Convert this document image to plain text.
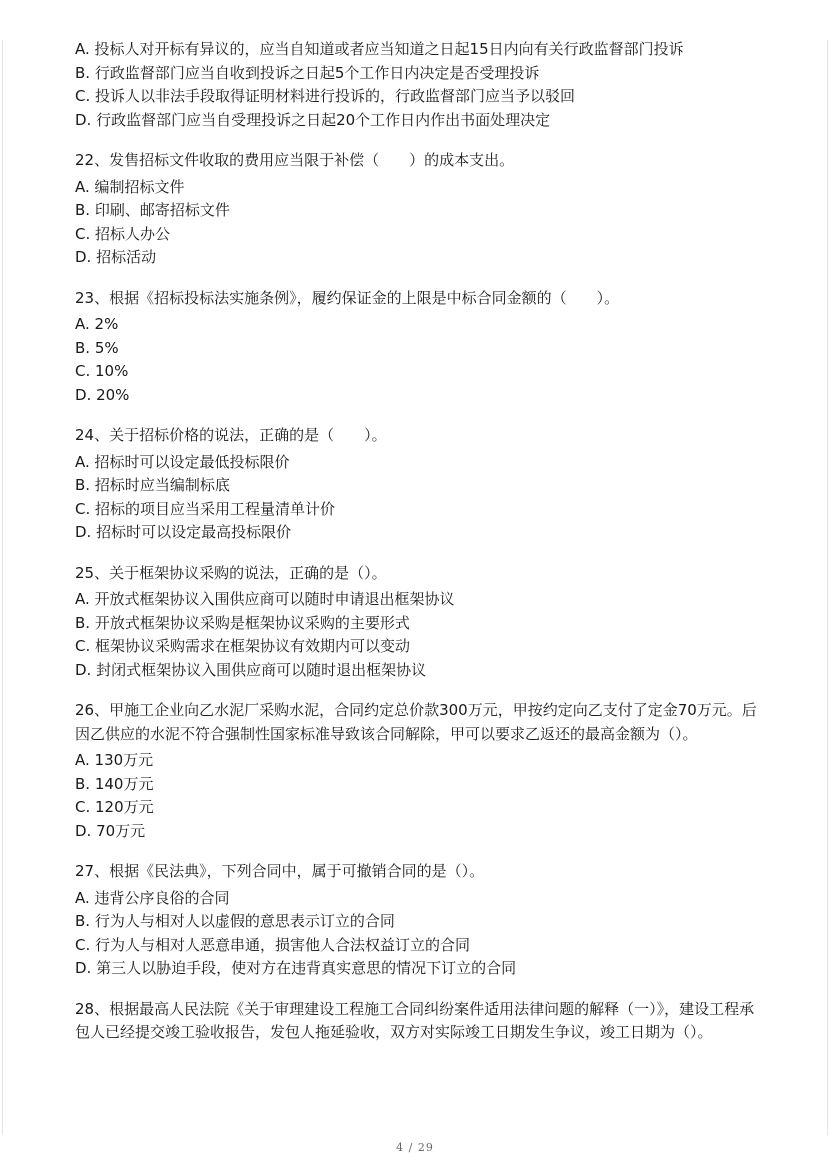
A. 投标人对开标有异议的，应当自知道或者应当知道之日起15日内向有关行政监督部门投诉

B. 行政监督部门应当自收到投诉之日起5个工作日内决定是否受理投诉

C. 投诉人以非法手段取得证明材料进行投诉的，行政监督部门应当予以驳回

D. 行政监督部门应当自受理投诉之日起20个工作日内作出书面处理决定

22、发售招标文件收取的费用应当限于补偿（　　）的成本支出。

A. 编制招标文件

B. 印刷、邮寄招标文件

C. 招标人办公

D. 招标活动

23、根据《招标投标法实施条例》，履约保证金的上限是中标合同金额的（　　）。

A. 2%

B. 5%

C. 10%

D. 20%

24、关于招标价格的说法，正确的是（　　）。

A. 招标时可以设定最低投标限价

B. 招标时应当编制标底

C. 招标的项目应当采用工程量清单计价

D. 招标时可以设定最高投标限价

25、关于框架协议采购的说法，正确的是（）。

A. 开放式框架协议入围供应商可以随时申请退出框架协议

B. 开放式框架协议采购是框架协议采购的主要形式

C. 框架协议采购需求在框架协议有效期内可以变动

D. 封闭式框架协议入围供应商可以随时退出框架协议

26、甲施工企业向乙水泥厂采购水泥，合同约定总价款300万元，甲按约定向乙支付了定金70万元。后因乙供应的水泥不符合强制性国家标准导致该合同解除，甲可以要求乙返还的最高金额为（）。

A. 130万元

B. 140万元

C. 120万元

D. 70万元

27、根据《民法典》，下列合同中，属于可撤销合同的是（）。

A. 违背公序良俗的合同

B. 行为人与相对人以虚假的意思表示订立的合同

C. 行为人与相对人恶意串通，损害他人合法权益订立的合同

D. 第三人以胁迫手段，使对方在违背真实意思的情况下订立的合同

28、根据最高人民法院《关于审理建设工程施工合同纠纷案件适用法律问题的解释（一）》，建设工程承包人已经提交竣工验收报告，发包人拖延验收，双方对实际竣工日期发生争议，竣工日期为（）。

4 / 29
